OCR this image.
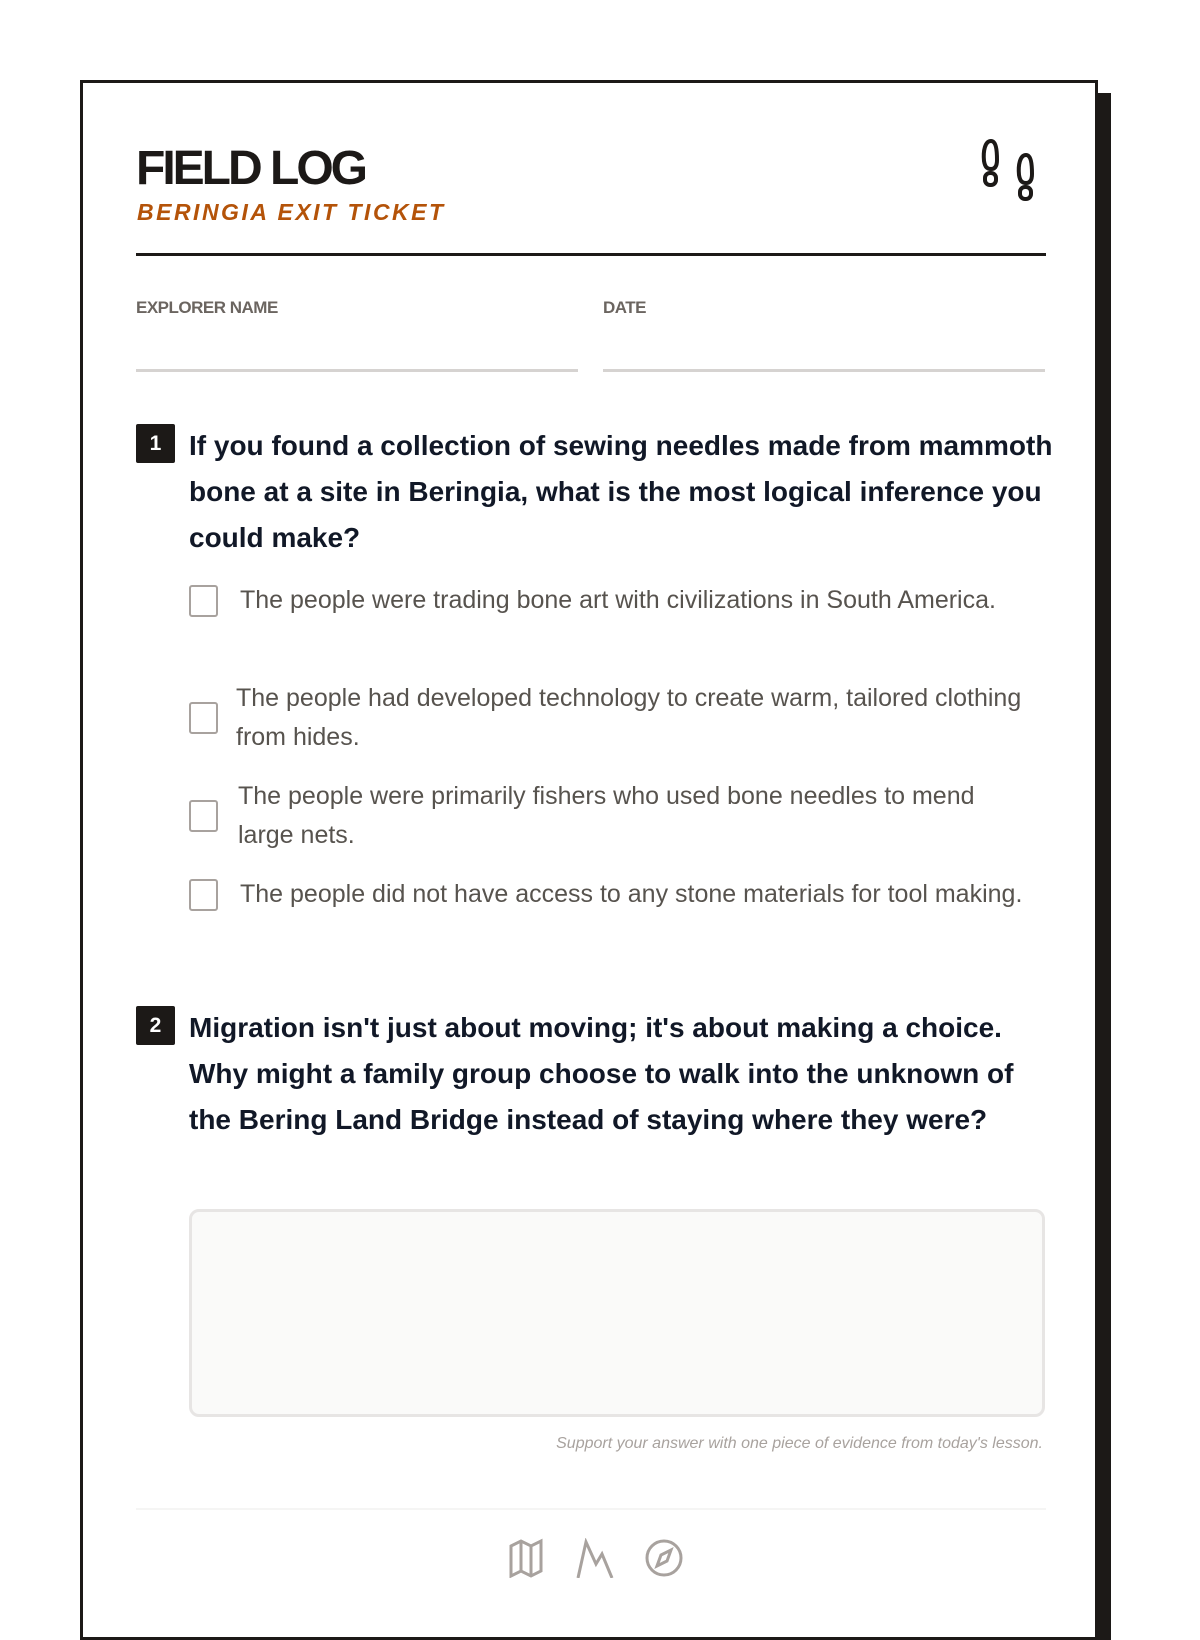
FIELD LOG
BERINGIA EXIT TICKET
EXPLORER NAME	DATE
1 If you found a collection of sewing needles made from mammoth bone at a site in Beringia, what is the most logical inference you could make?
The people were trading bone art with civilizations in South America.
The people had developed technology to create warm, tailored clothing from hides.
The people were primarily fishers who used bone needles to mend large nets.
The people did not have access to any stone materials for tool making.
2 Migration isn't just about moving; it's about making a choice. Why might a family group choose to walk into the unknown of the Bering Land Bridge instead of staying where they were?
Support your answer with one piece of evidence from today's lesson.
